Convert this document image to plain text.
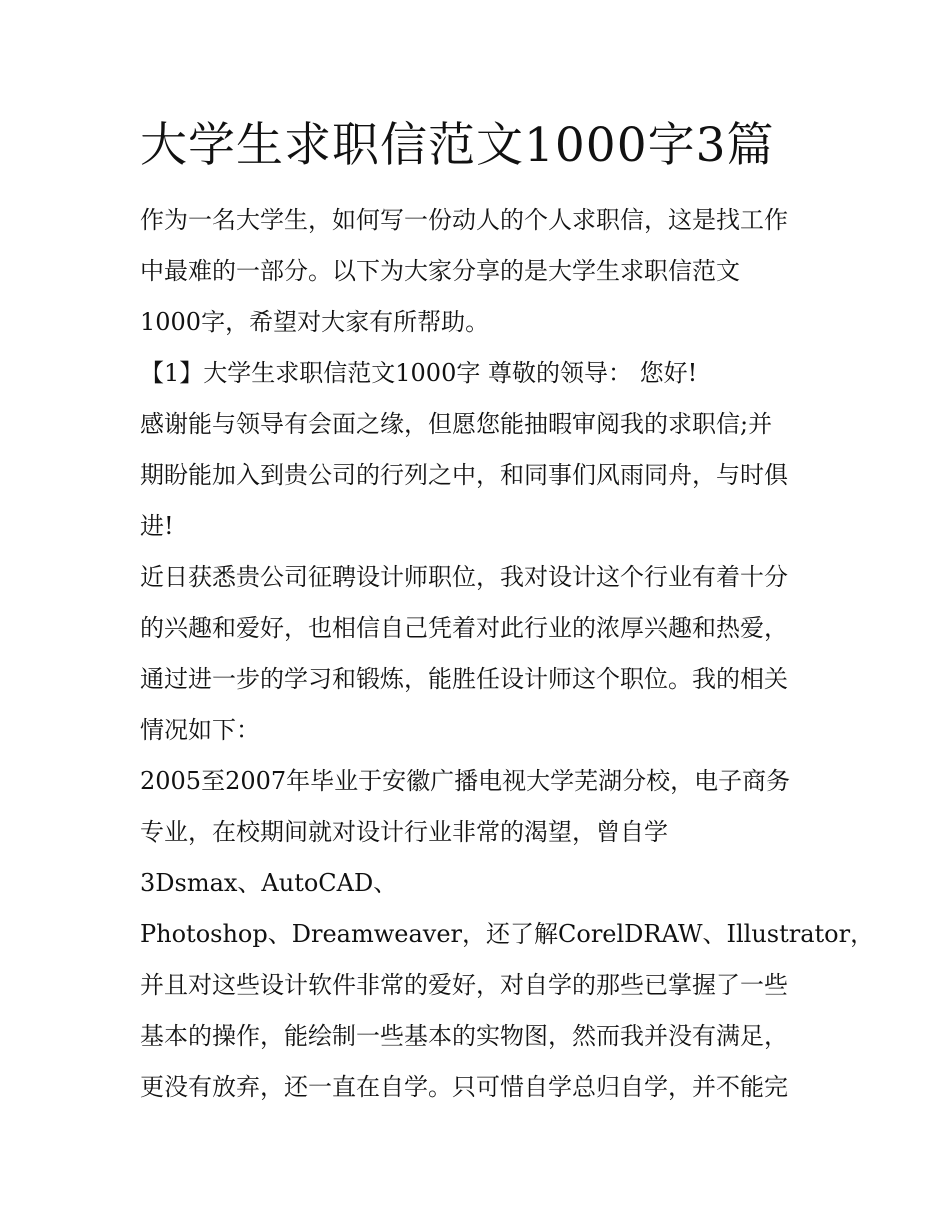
大学生求职信范文1000字3篇

作为一名大学生，如何写一份动人的个人求职信，这是找工作

中最难的一部分。以下为大家分享的是大学生求职信范文

1000字，希望对大家有所帮助。

【1】大学生求职信范文1000字 尊敬的领导： 您好!

感谢能与领导有会面之缘，但愿您能抽暇审阅我的求职信;并

期盼能加入到贵公司的行列之中，和同事们风雨同舟，与时俱

进!

近日获悉贵公司征聘设计师职位，我对设计这个行业有着十分

的兴趣和爱好，也相信自己凭着对此行业的浓厚兴趣和热爱，

通过进一步的学习和锻炼，能胜任设计师这个职位。我的相关

情况如下：

2005至2007年毕业于安徽广播电视大学芜湖分校，电子商务

专业，在校期间就对设计行业非常的渴望，曾自学

3Dsmax、AutoCAD、

Photoshop、Dreamweaver，还了解CorelDRAW、Illustrator，

并且对这些设计软件非常的爱好，对自学的那些已掌握了一些

基本的操作，能绘制一些基本的实物图，然而我并没有满足，

更没有放弃，还一直在自学。只可惜自学总归自学，并不能完
